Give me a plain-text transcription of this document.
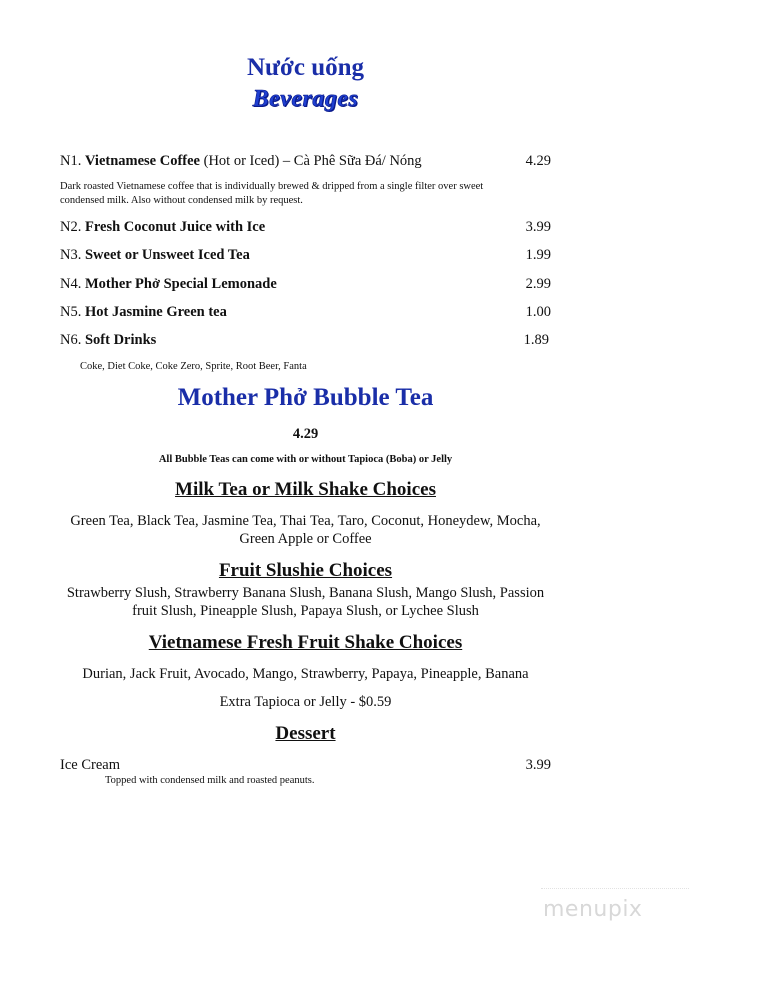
Nước uống
Beverages
N1. Vietnamese Coffee (Hot or Iced) – Cà Phê Sữa Đá/ Nóng	4.29
Dark roasted Vietnamese coffee that is individually brewed & dripped from a single filter over sweet
condensed milk. Also without condensed milk by request.
N2. Fresh Coconut Juice with Ice	3.99
N3. Sweet or Unsweet Iced Tea	1.99
N4. Mother Phở Special Lemonade	2.99
N5. Hot Jasmine Green tea	1.00
N6. Soft Drinks	1.89
Coke, Diet Coke, Coke Zero, Sprite, Root Beer, Fanta
Mother Phở Bubble Tea
4.29
All Bubble Teas can come with or without Tapioca (Boba) or Jelly
Milk Tea or Milk Shake Choices
Green Tea, Black Tea, Jasmine Tea, Thai Tea, Taro, Coconut, Honeydew, Mocha,
Green Apple or Coffee
Fruit Slushie Choices
Strawberry Slush, Strawberry Banana Slush, Banana Slush, Mango Slush, Passion
fruit Slush, Pineapple Slush, Papaya Slush, or Lychee Slush
Vietnamese Fresh Fruit Shake Choices
Durian, Jack Fruit, Avocado, Mango, Strawberry, Papaya, Pineapple, Banana
Extra Tapioca or Jelly - $0.59
Dessert
Ice Cream	3.99
Topped with condensed milk and roasted peanuts.
menupix
